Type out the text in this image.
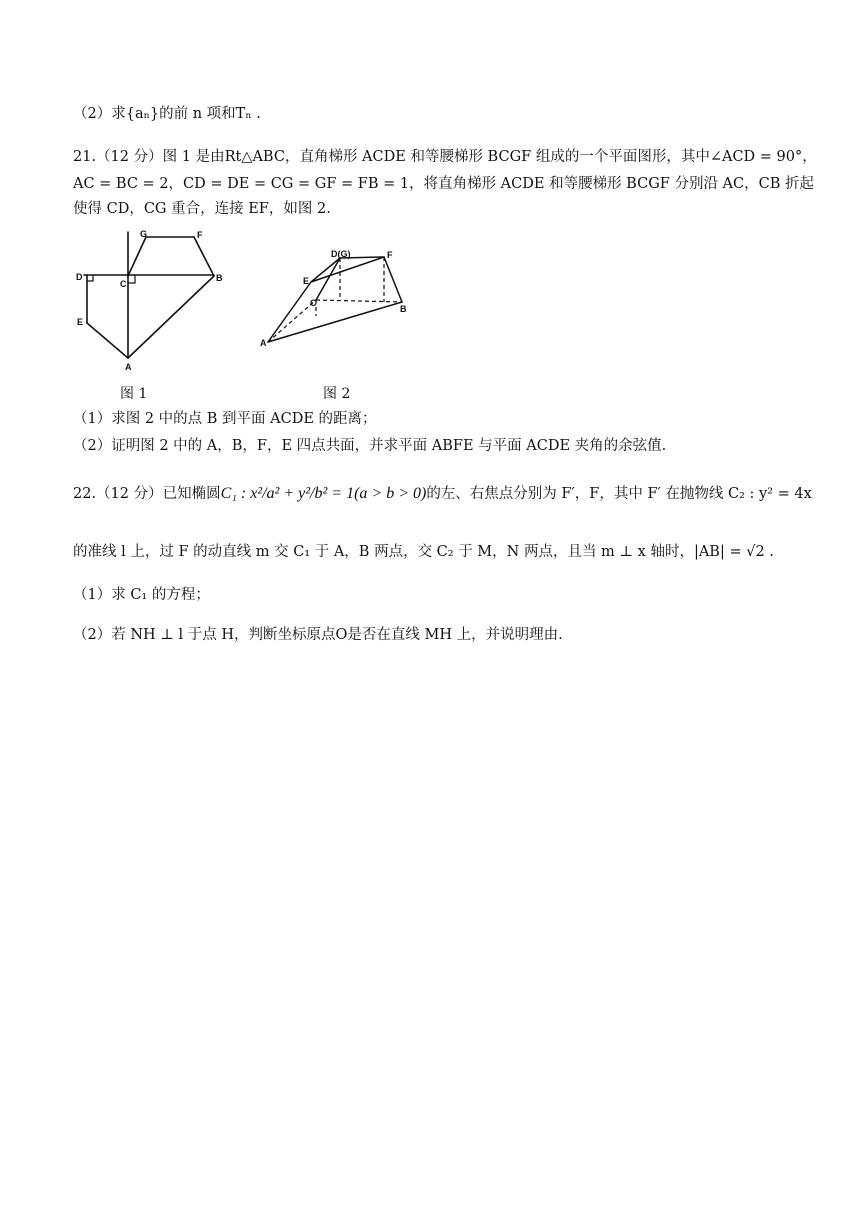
（2）求{aₙ}的前 n 项和Tₙ .
21.（12 分）图 1 是由Rt△ABC，直角梯形 ACDE 和等腰梯形 BCGF 组成的一个平面图形，其中∠ACD = 90°，
AC = BC = 2，CD = DE = CG = GF = FB = 1，将直角梯形 ACDE 和等腰梯形 BCGF 分别沿 AC，CB 折起
使得 CD，CG 重合，连接 EF，如图 2.
G	F
D
C
B
E
A
图 1
D(G)	F
E
C
B
A
图 2
（1）求图 2 中的点 B 到平面 ACDE 的距离；
（2）证明图 2 中的 A，B，F，E 四点共面，并求平面 ABFE 与平面 ACDE 夹角的余弦值.
22.（12 分）已知椭圆C₁ : x²/a² + y²/b² = 1(a > b > 0)的左、右焦点分别为 F′，F，其中 F′ 在抛物线 C₂ : y² = 4x
的准线 l 上，过 F 的动直线 m 交 C₁ 于 A，B 两点，交 C₂ 于 M，N 两点，且当 m ⊥ x 轴时，|AB| = √2 .
（1）求 C₁ 的方程；
（2）若 NH ⊥ l 于点 H，判断坐标原点O是否在直线 MH 上，并说明理由.
